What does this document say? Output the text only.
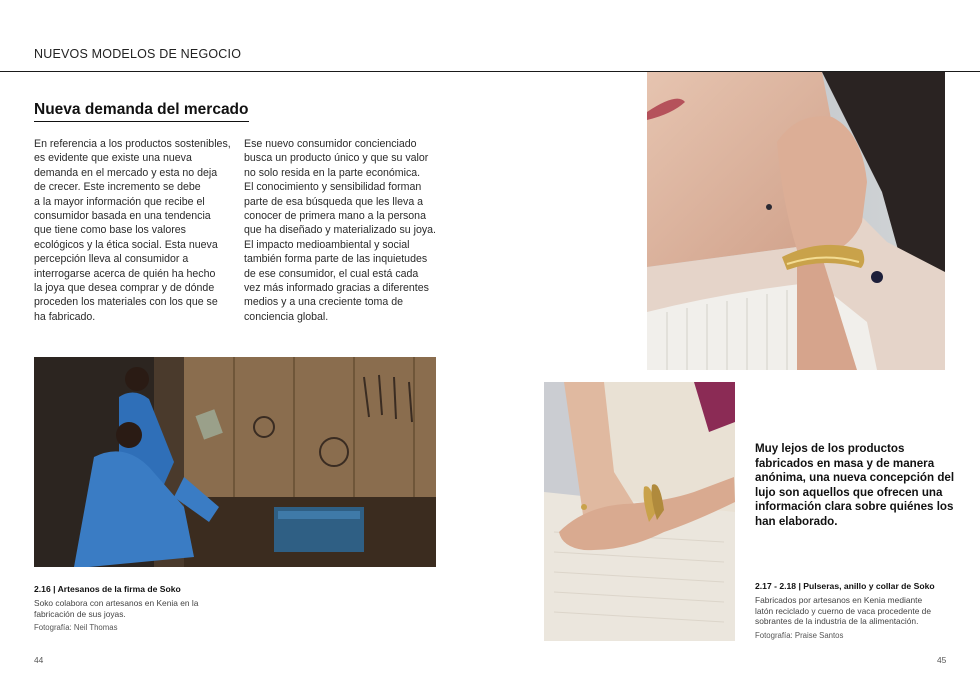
NUEVOS MODELOS DE NEGOCIO
Nueva demanda del mercado
En referencia a los productos sostenibles,
es evidente que existe una nueva
demanda en el mercado y esta no deja
de crecer. Este incremento se debe
a la mayor información que recibe el
consumidor basada en una tendencia
que tiene como base los valores
ecológicos y la ética social. Esta nueva
percepción lleva al consumidor a
interrogarse acerca de quién ha hecho
la joya que desea comprar y de dónde
proceden los materiales con los que se
ha fabricado.
Ese nuevo consumidor concienciado
busca un producto único y que su valor
no solo resida en la parte económica.
El conocimiento y sensibilidad forman
parte de esa búsqueda que les lleva a
conocer de primera mano a la persona
que ha diseñado y materializado su joya.
El impacto medioambiental y social
también forma parte de las inquietudes
de ese consumidor, el cual está cada
vez más informado gracias a diferentes
medios y a una creciente toma de
conciencia global.
Muy lejos de los productos
fabricados en masa y de manera
anónima, una nueva concepción del
lujo son aquellos que ofrecen una
información clara sobre quiénes los
han elaborado.
2.16 | Artesanos de la firma de Soko
Soko colabora con artesanos en Kenia en la
fabricación de sus joyas.
Fotografía: Neil Thomas
2.17 - 2.18 | Pulseras, anillo y collar de Soko
Fabricados por artesanos en Kenia mediante
latón reciclado y cuerno de vaca procedente de
sobrantes de la industria de la alimentación.
Fotografía: Praise Santos
44	45
